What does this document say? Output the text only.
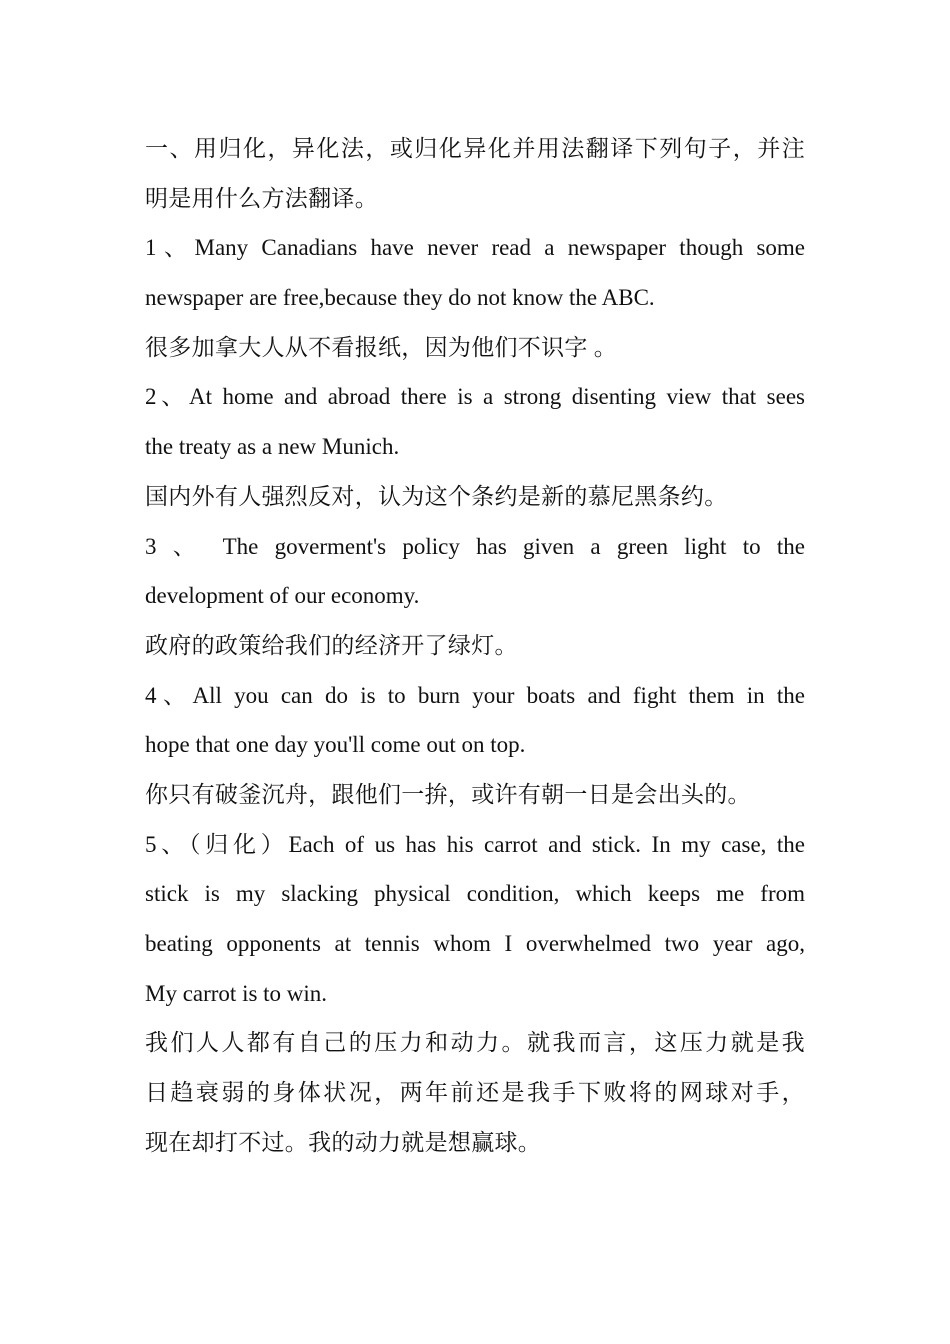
一、用归化，异化法，或归化异化并用法翻译下列句子，并注
明是用什么方法翻译。
1、Many Canadians have never read a newspaper though some
newspaper are free,because they do not know the ABC.
很多加拿大人从不看报纸，因为他们不识字 。
2、At home and abroad there is a strong disenting view that sees
the treaty as a new Munich.
国内外有人强烈反对，认为这个条约是新的慕尼黑条约。
3 、 The goverment's policy has given a green light to the
development of our economy.
政府的政策给我们的经济开了绿灯。
4、All you can do is to burn your boats and fight them in the
hope that one day you'll come out on top.
你只有破釜沉舟，跟他们一拚，或许有朝一日是会出头的。
5、（归化）Each of us has his carrot and stick. In my case, the
stick is my slacking physical condition, which keeps me from
beating opponents at tennis whom I overwhelmed two year ago,
My carrot is to win.
我们人人都有自己的压力和动力。就我而言，这压力就是我
日趋衰弱的身体状况，两年前还是我手下败将的网球对手，
现在却打不过。我的动力就是想赢球。
